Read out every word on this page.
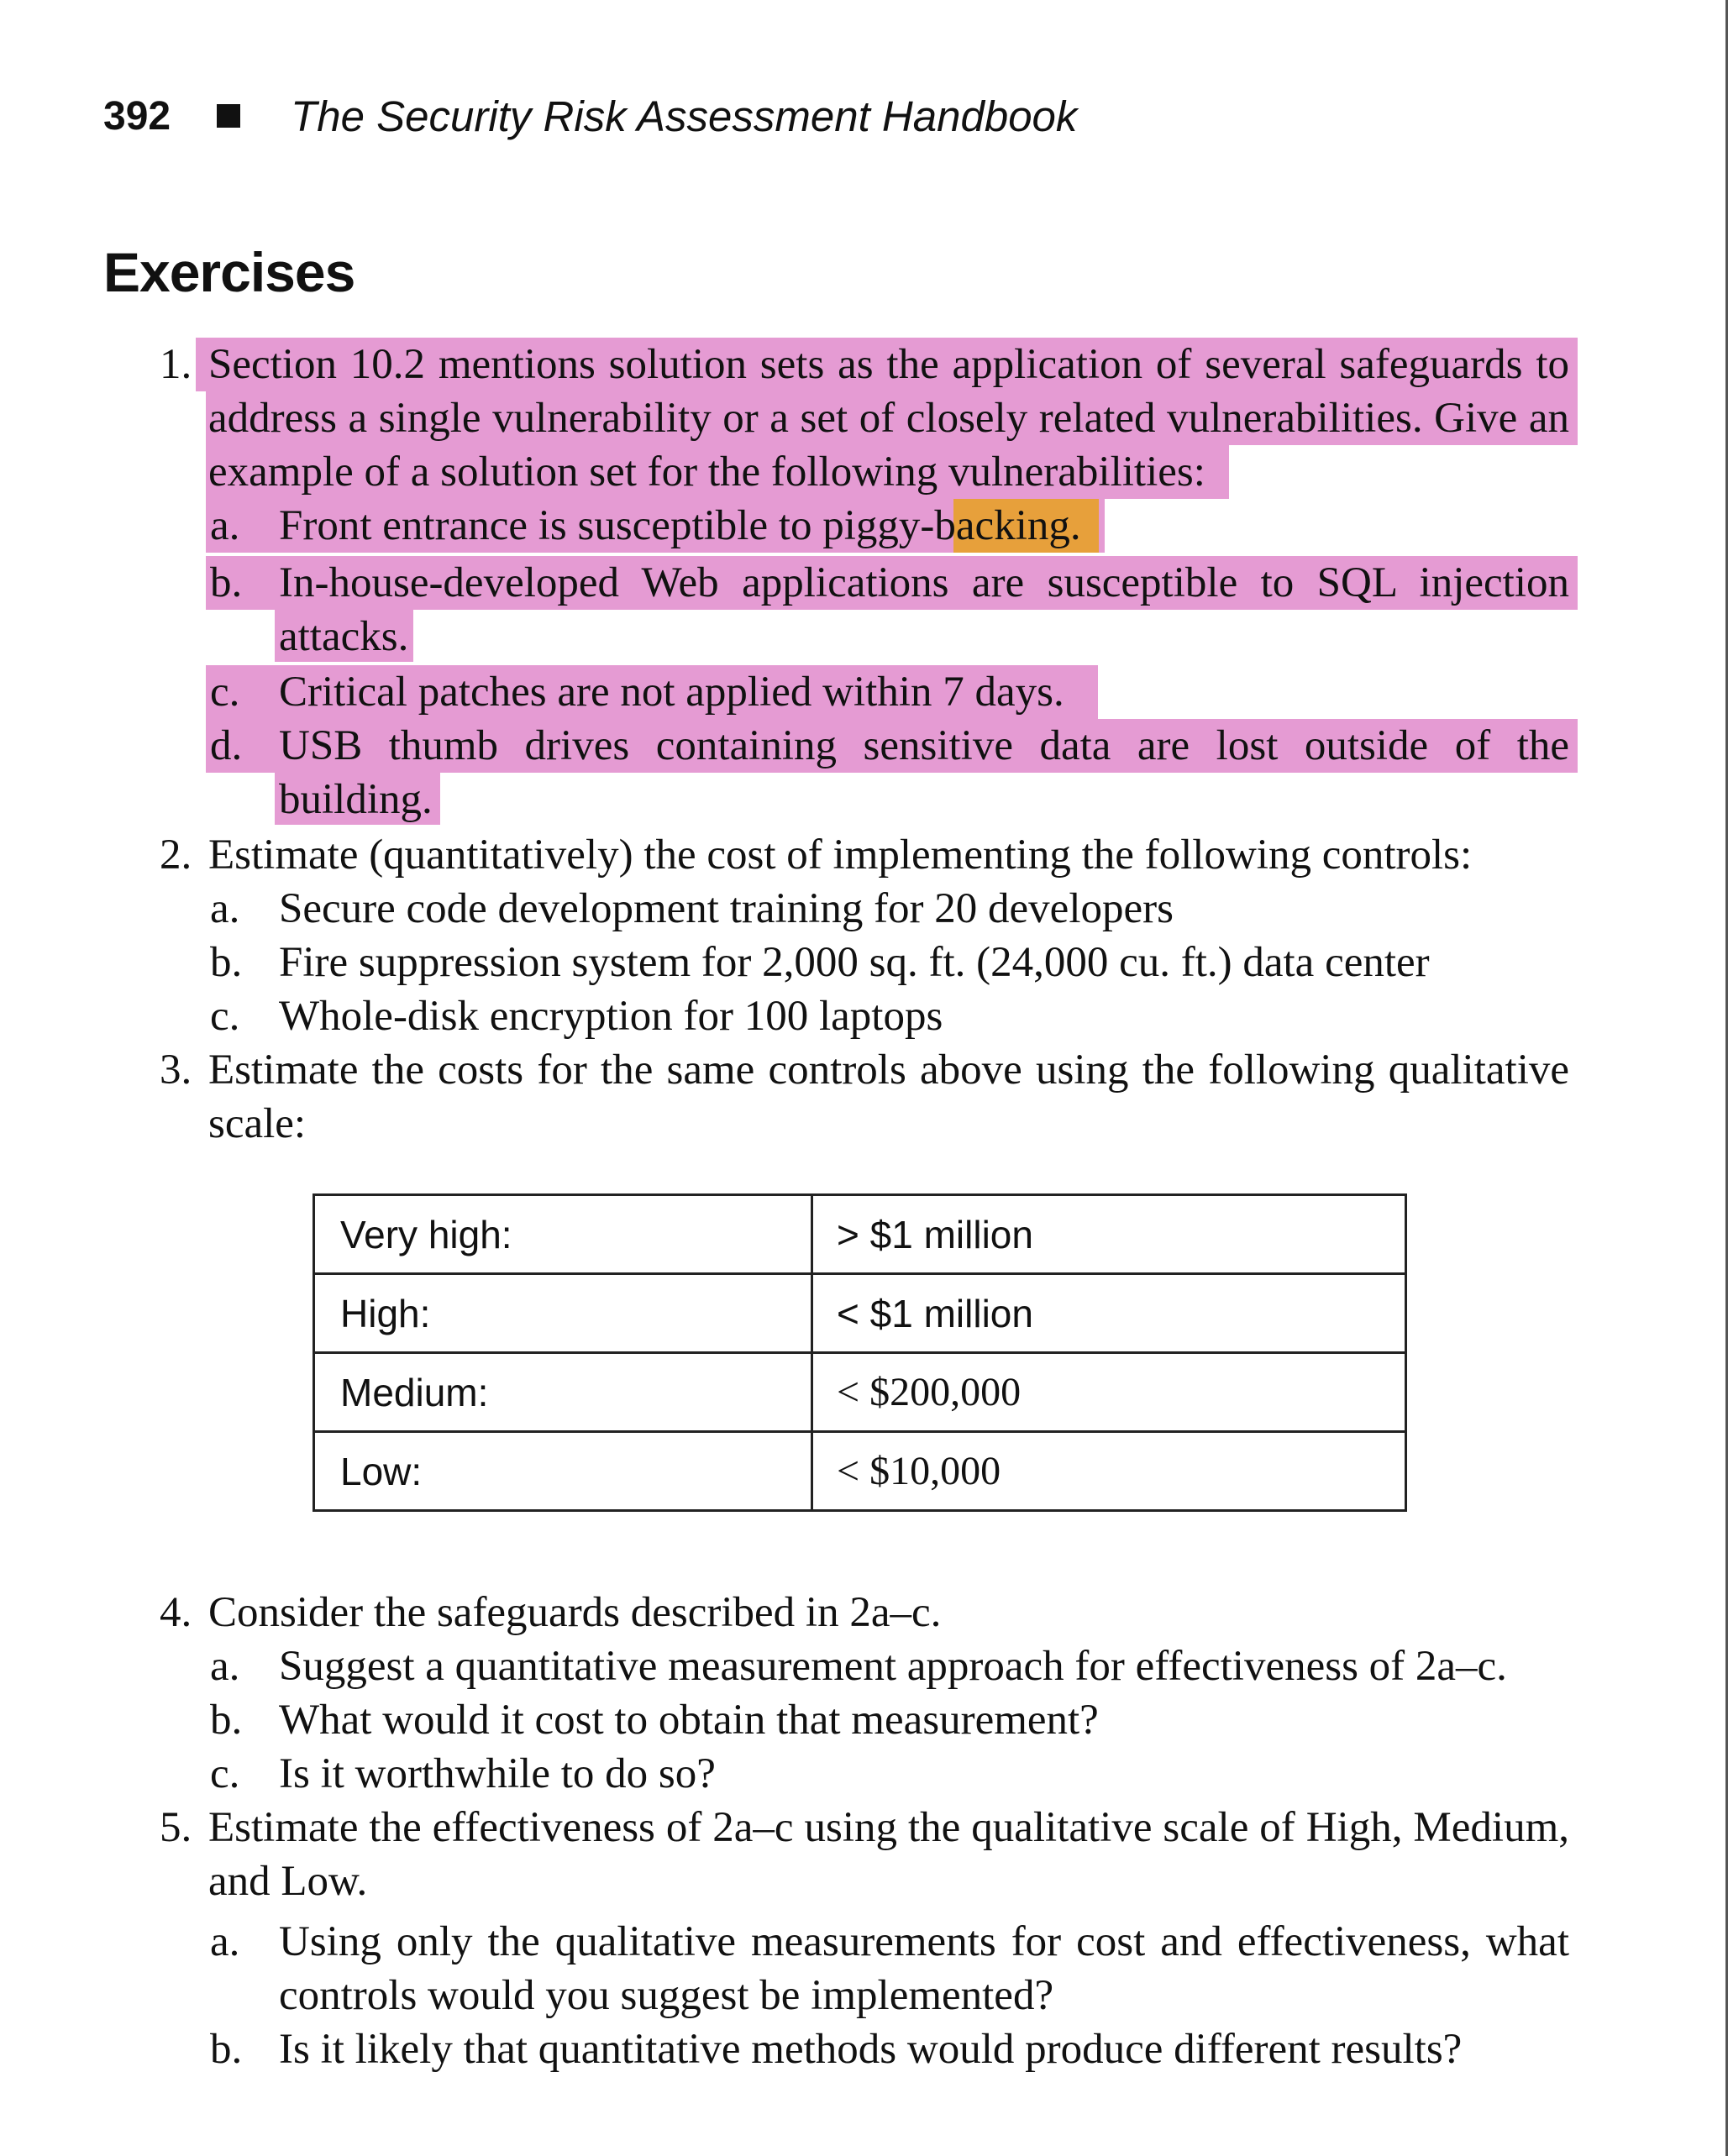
392	The Security Risk Assessment Handbook
Exercises
1. Section 10.2 mentions solution sets as the application of several safeguards to
address a single vulnerability or a set of closely related vulnerabilities. Give an
example of a solution set for the following vulnerabilities:
a. Front entrance is susceptible to piggy-backing.
b. In-house-developed Web applications are susceptible to SQL injection
attacks.
c. Critical patches are not applied within 7 days.
d. USB thumb drives containing sensitive data are lost outside of the
building.
2. Estimate (quantitatively) the cost of implementing the following controls:
a. Secure code development training for 20 developers
b. Fire suppression system for 2,000 sq. ft. (24,000 cu. ft.) data center
c. Whole-disk encryption for 100 laptops
3. Estimate the costs for the same controls above using the following qualitative
scale:
Very high:	> $1 million
High:	< $1 million
Medium:	< $200,000
Low:	< $10,000
4. Consider the safeguards described in 2a–c.
a. Suggest a quantitative measurement approach for effectiveness of 2a–c.
b. What would it cost to obtain that measurement?
c. Is it worthwhile to do so?
5. Estimate the effectiveness of 2a–c using the qualitative scale of High, Medium,
and Low.
a. Using only the qualitative measurements for cost and effectiveness, what
controls would you suggest be implemented?
b. Is it likely that quantitative methods would produce different results?
